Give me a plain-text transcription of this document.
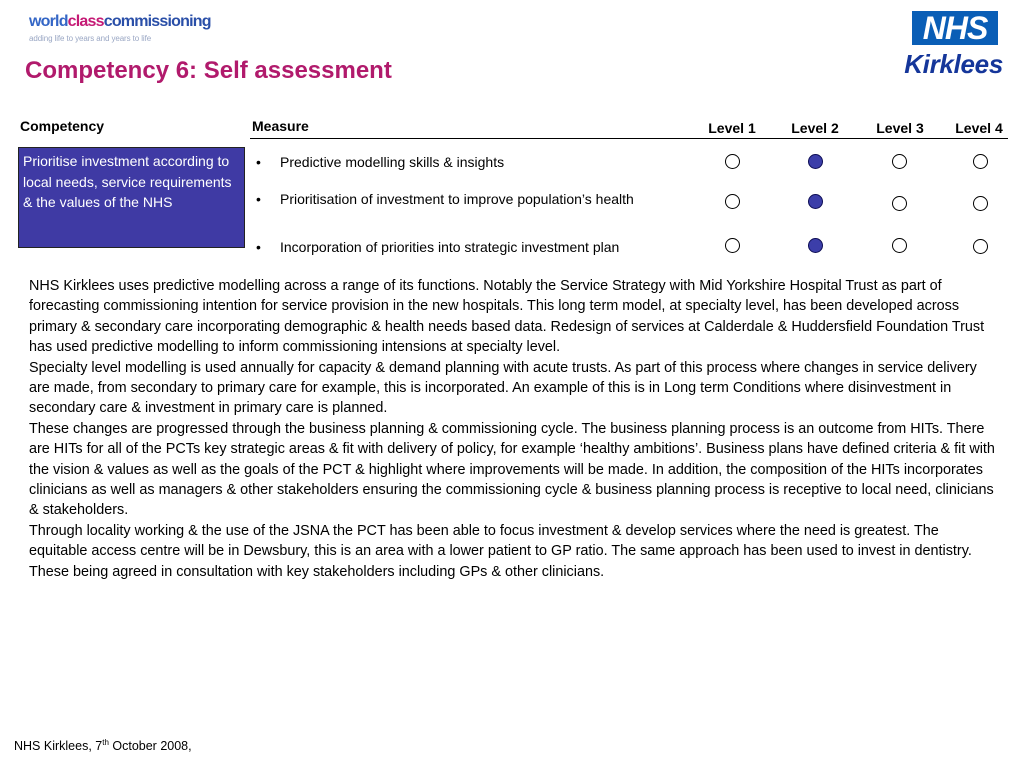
worldclasscommissioning
adding life to years and years to life	NHS
Kirklees
Competency 6: Self assessment
Competency	Measure	Level 1	Level 2	Level 3	Level 4
Prioritise investment according to local needs, service requirements & the values of the NHS
•	Predictive modelling skills & insights
•	Prioritisation of investment to improve population’s health
•	Incorporation of priorities into strategic investment plan

NHS Kirklees uses predictive modelling across a range of its functions. Notably the Service Strategy with Mid Yorkshire Hospital Trust as part of forecasting commissioning intention for service provision in the new hospitals. This long term model, at specialty level, has been developed across primary & secondary care incorporating demographic & health needs based data. Redesign of services at Calderdale & Huddersfield Foundation Trust has used predictive modelling to inform commissioning intensions at specialty level.

Specialty level modelling is used annually for capacity & demand planning with acute trusts. As part of this process where changes in service delivery are made, from secondary to primary care for example, this is incorporated. An example of this is in Long term Conditions where disinvestment in secondary care & investment in primary care is planned.

These changes are progressed through the business planning & commissioning cycle. The business planning process is an outcome from HITs. There are HITs for all of the PCTs key strategic areas & fit with delivery of policy, for example ‘healthy ambitions’. Business plans have defined criteria & fit with the vision & values as well as the goals of the PCT & highlight where improvements will be made. In addition, the composition of the HITs incorporates clinicians as well as managers & other stakeholders ensuring the commissioning cycle & business planning process is receptive to local need, clinicians & stakeholders.

Through locality working & the use of the JSNA the PCT has been able to focus investment & develop services where the need is greatest. The equitable access centre will be in Dewsbury, this is an area with a lower patient to GP ratio. The same approach has been used to invest in dentistry. These being agreed in consultation with key stakeholders including GPs & other clinicians.

NHS Kirklees, 7th October 2008,
